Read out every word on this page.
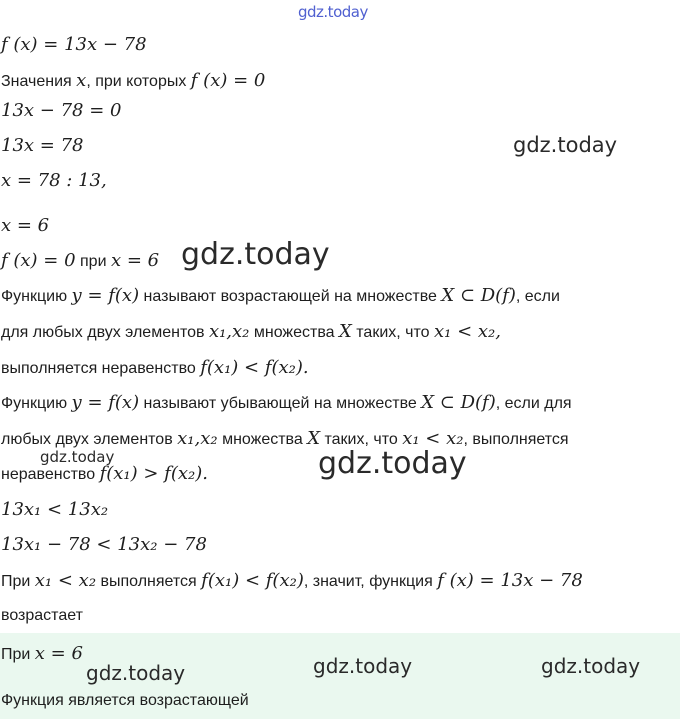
gdz.today
f (x) = 13x − 78
Значения x, при которых f (x) = 0
13x − 78 = 0
13x = 78	gdz.today
x = 78 : 13,
x = 6
f (x) = 0 при x = 6 gdz.today
Функцию y = f(x) называют возрастающей на множестве X ⊂ D(f), если
для любых двух элементов x₁,x₂ множества X таких, что x₁ < x₂,
выполняется неравенство f(x₁) < f(x₂).
Функцию y = f(x) называют убывающей на множестве X ⊂ D(f), если для
любых двух элементов x₁,x₂ множества X таких, что x₁ < x₂, выполняется
неравенство f(x₁) > f(x₂).
gdz.today	gdz.today
13x₁ < 13x₂
13x₁ − 78 < 13x₂ − 78
При x₁ < x₂ выполняется f(x₁) < f(x₂), значит, функция f (x) = 13x − 78
возрастает
При x = 6
gdz.today	gdz.today	gdz.today
Функция является возрастающей
